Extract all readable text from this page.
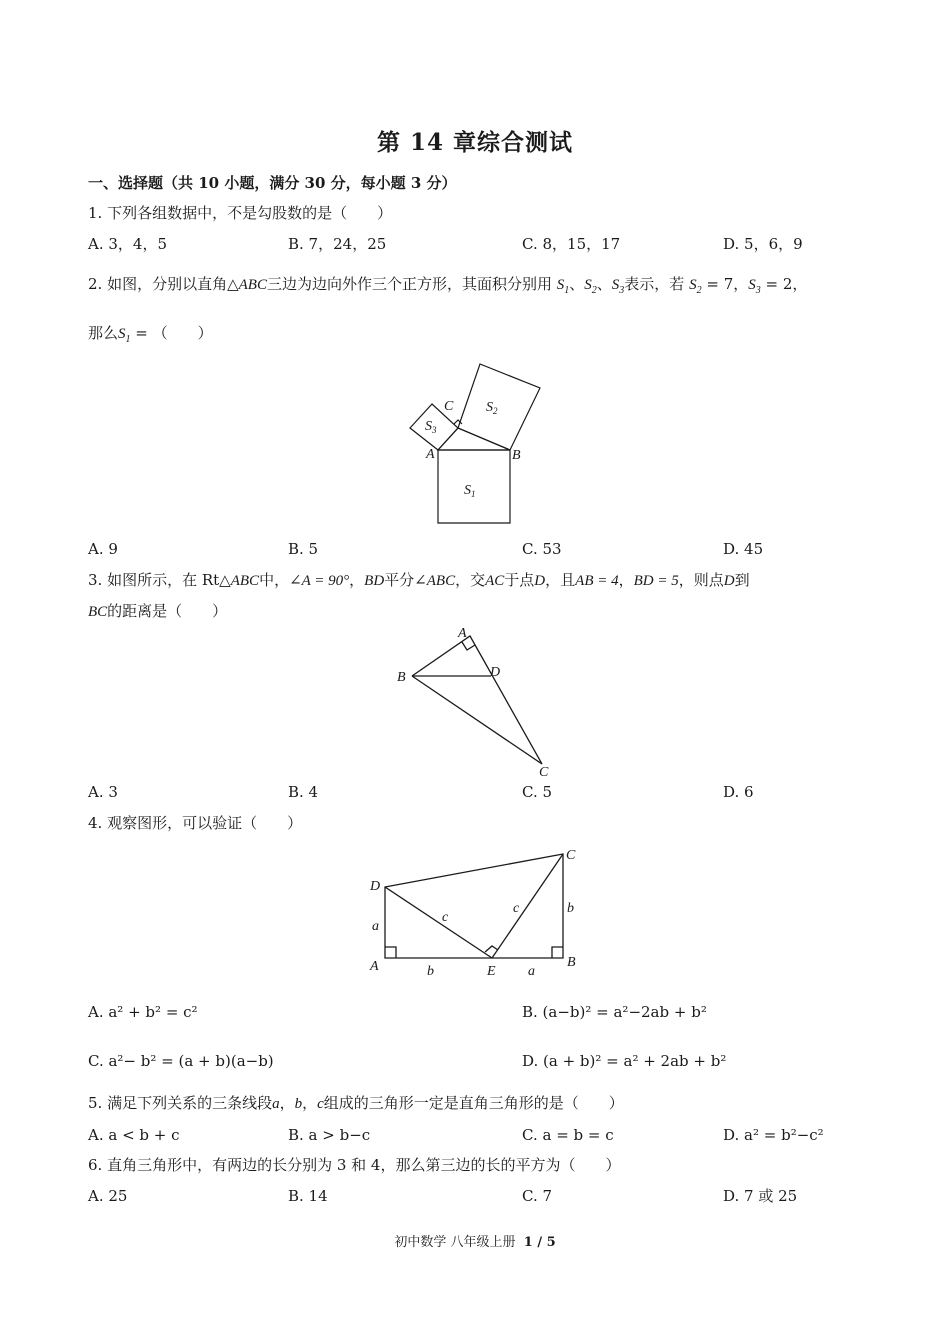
第 14 章综合测试
一、选择题（共 10 小题，满分 30 分，每小题 3 分）
1. 下列各组数据中，不是勾股数的是（　　）
A. 3，4，5	B. 7，24，25	C. 8，15，17	D. 5，6，9
2. 如图，分别以直角△ABC三边为边向外作三个正方形，其面积分别用 $S_1$、$S_2$、$S_3$表示，若 $S_2 = 7$，$S_3 = 2$，
那么$S_1$ = （　　）
A	B
C
$S_1$
$S_2$
$S_3$
A. 9	B. 5	C. 53	D. 45
3. 如图所示，在 Rt△ABC中，∠A = 90°，BD平分∠ABC，交AC于点D，且AB = 4，BD = 5，则点D到
BC的距离是（　　）
A
B	D
C
A. 3	B. 4	C. 5	D. 6
4. 观察图形，可以验证（　　）
D
C
A	E
B
a
a
b
b
c
c
A. a² + b² = c²	B. (a−b)² = a²−2ab + b²
C. a²− b² = (a + b)(a−b)	D. (a + b)² = a² + 2ab + b²
5. 满足下列关系的三条线段a，b，c组成的三角形一定是直角三角形的是（　　）
A. a < b + c	B. a > b−c	C. a = b = c	D. a² = b²−c²
6. 直角三角形中，有两边的长分别为 3 和 4，那么第三边的长的平方为（　　）
A. 25	B. 14	C. 7	D. 7 或 25
初中数学 八年级上册 1 / 5
